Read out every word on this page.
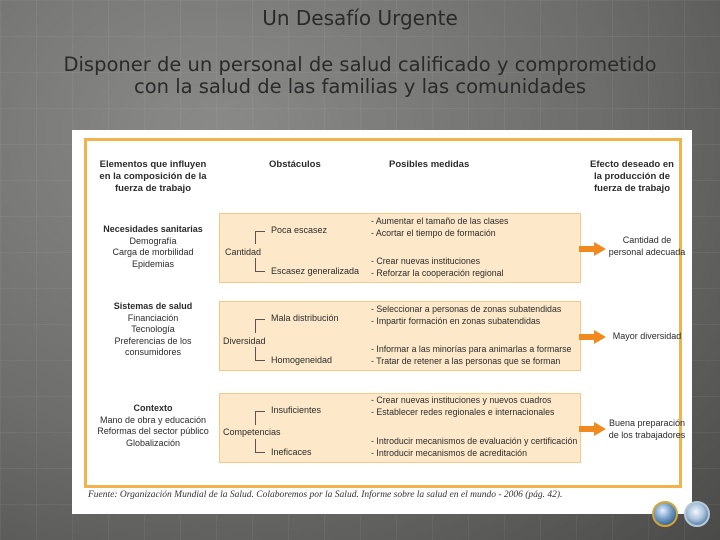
Un Desafío Urgente
Disponer de un personal de salud calificado y comprometido con la salud de las familias y las comunidades
Elementos que influyen en la composición de la fuerza de trabajo
Obstáculos	Posibles medidas	Efecto deseado en la producción de fuerza de trabajo
Necesidades sanitarias
Demografía
Carga de morbilidad
Epidemias
Cantidad
Poca escasez
Escasez generalizada
- Aumentar el tamaño de las clases
- Acortar el tiempo de formación
- Crear nuevas instituciones
- Reforzar la cooperación regional
Cantidad de personal adecuada
Sistemas de salud
Financiación
Tecnología
Preferencias de los consumidores
Diversidad
Mala distribución
Homogeneidad
- Seleccionar a personas de zonas subatendidas
- Impartir formación en zonas subatendidas
- Informar a las minorías para animarlas a formarse
- Tratar de retener a las personas que se forman
Mayor diversidad
Contexto
Mano de obra y educación
Reformas del sector público
Globalización
Competencias
Insuficientes
Ineficaces
- Crear nuevas instituciones y nuevos cuadros
- Establecer redes regionales e internacionales
- Introducir mecanismos de evaluación y certificación
- Introducir mecanismos de acreditación
Buena preparación de los trabajadores
Fuente: Organización Mundial de la Salud. Colaboremos por la Salud. Informe sobre la salud en el mundo - 2006 (pág. 42).
